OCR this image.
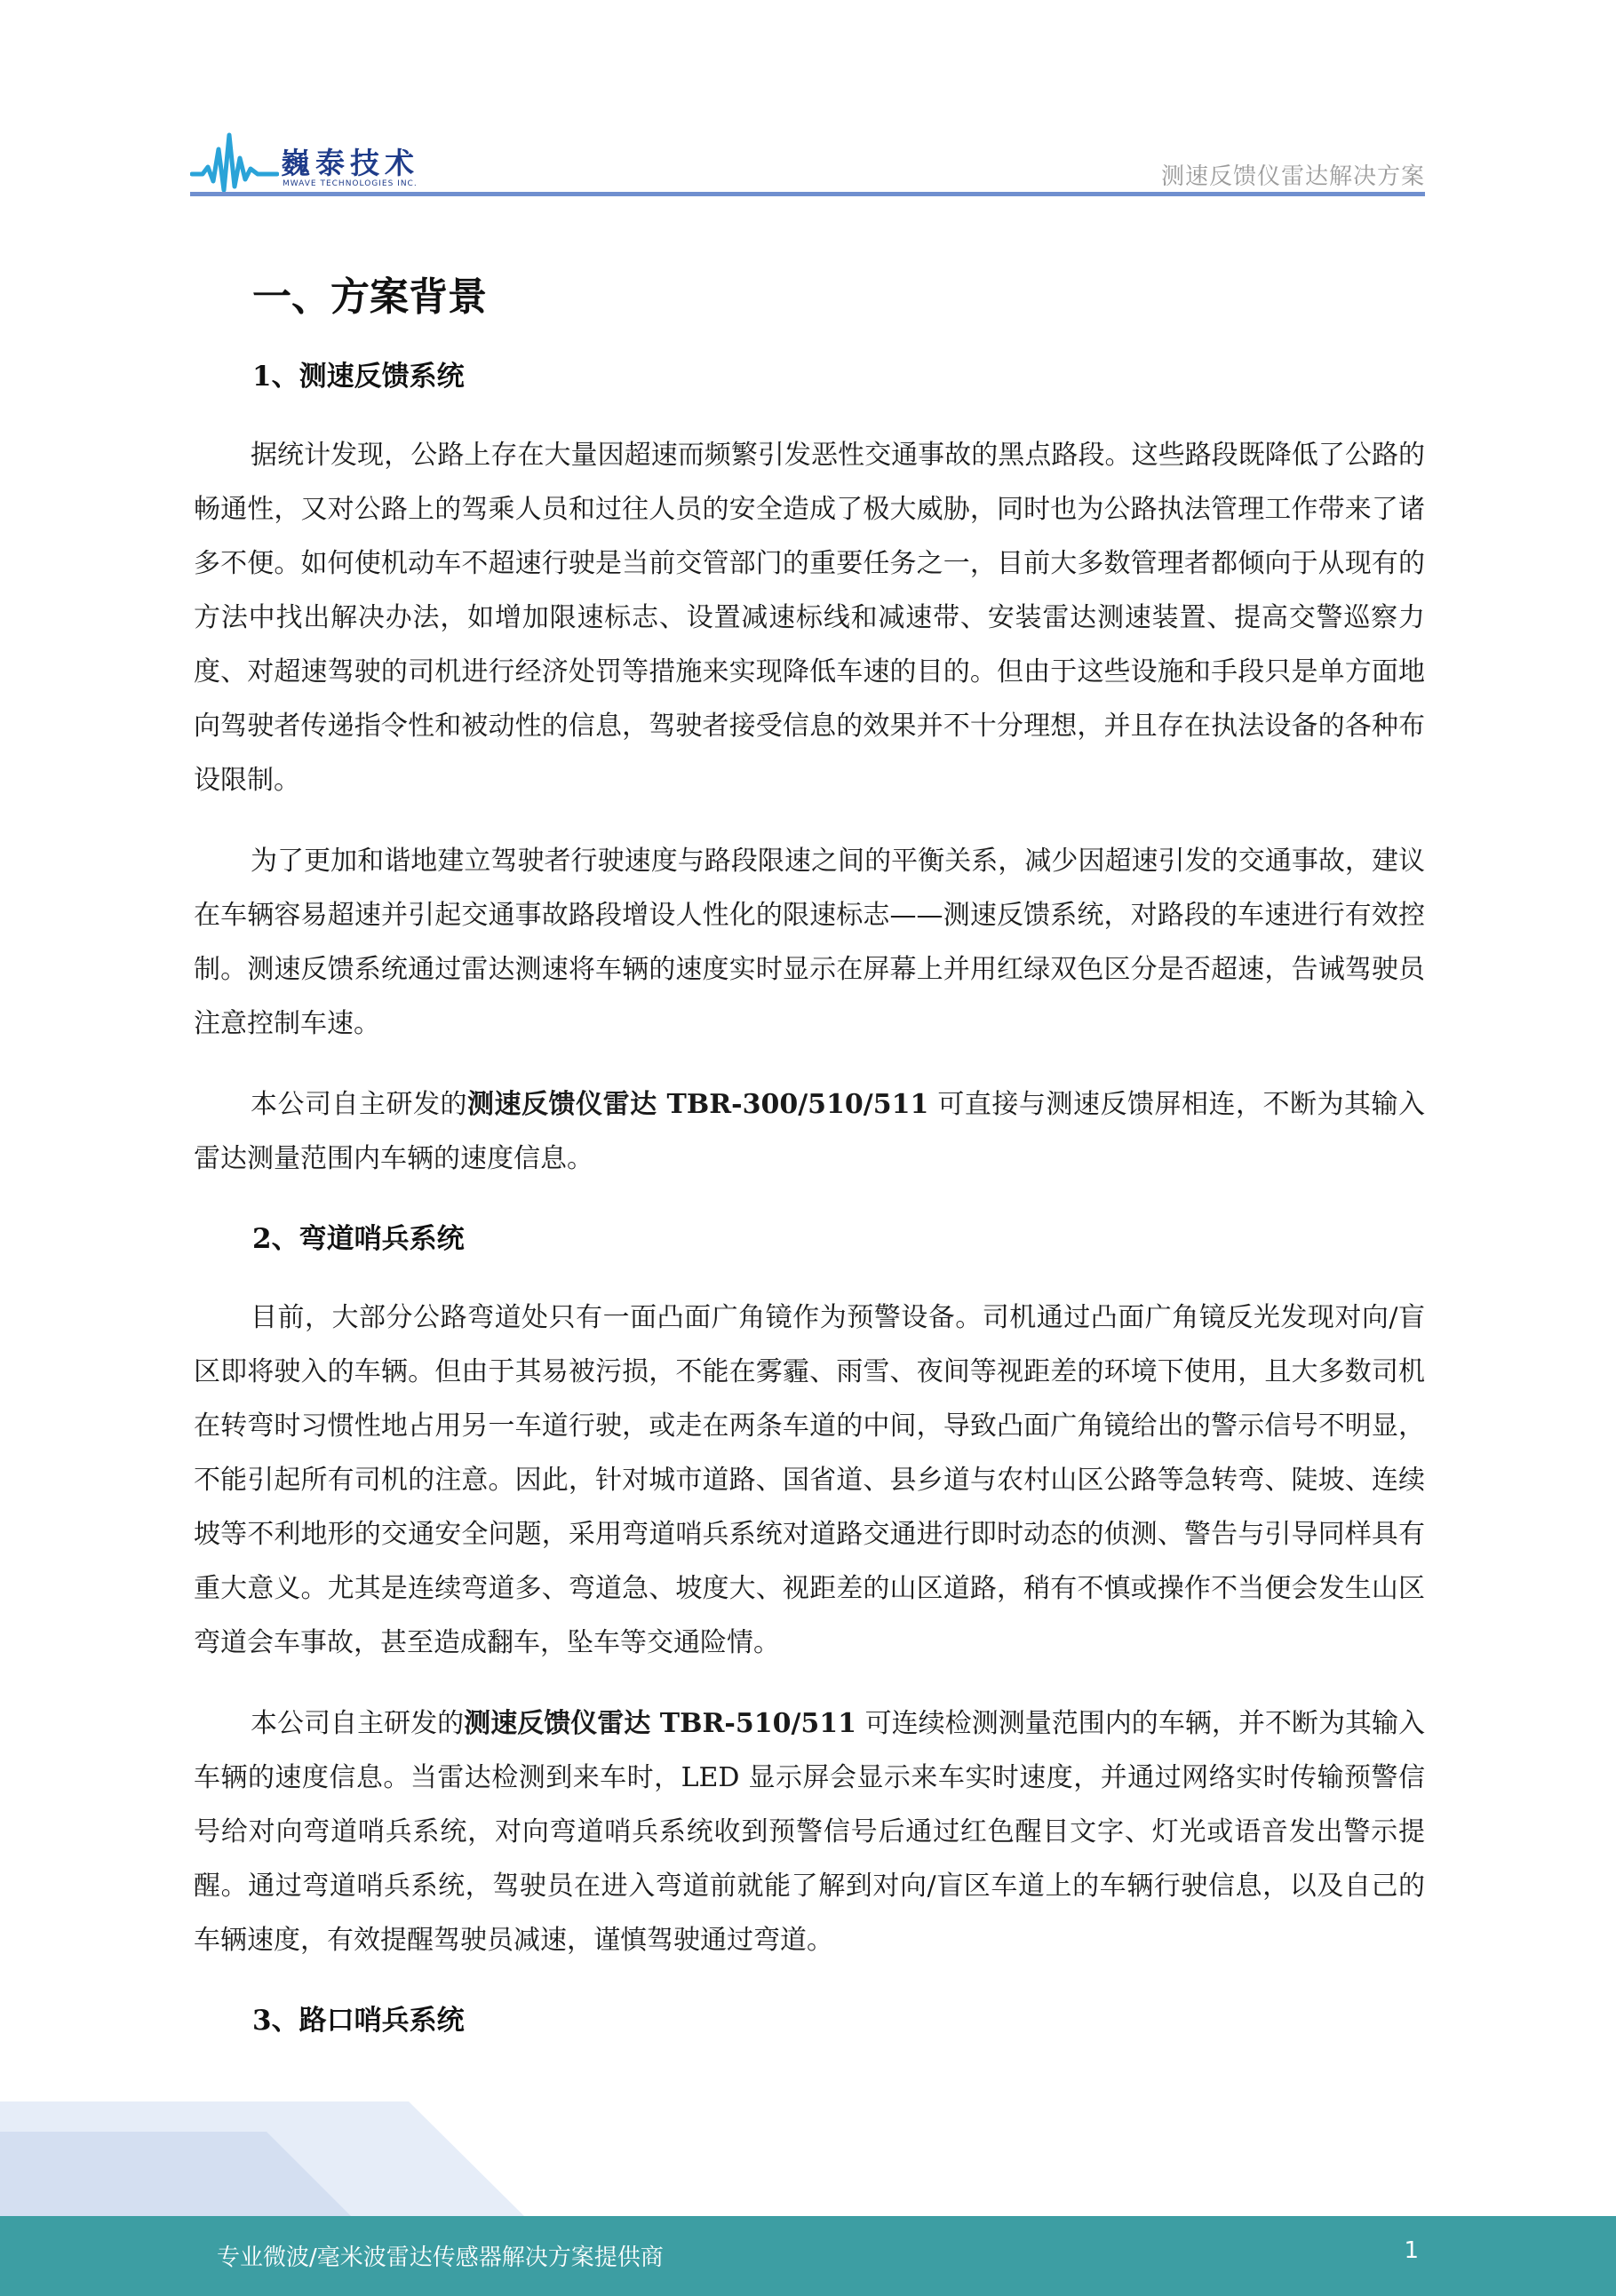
巍泰技术
MWAVE TECHNOLOGIES INC.	测速反馈仪雷达解决方案
一、方案背景
1、测速反馈系统

据统计发现，公路上存在大量因超速而频繁引发恶性交通事故的黑点路段。这些路段既降低了公路的畅通性，又对公路上的驾乘人员和过往人员的安全造成了极大威胁，同时也为公路执法管理工作带来了诸多不便。如何使机动车不超速行驶是当前交管部门的重要任务之一，目前大多数管理者都倾向于从现有的方法中找出解决办法，如增加限速标志、设置减速标线和减速带、安装雷达测速装置、提高交警巡察力度、对超速驾驶的司机进行经济处罚等措施来实现降低车速的目的。但由于这些设施和手段只是单方面地向驾驶者传递指令性和被动性的信息，驾驶者接受信息的效果并不十分理想，并且存在执法设备的各种布设限制。

为了更加和谐地建立驾驶者行驶速度与路段限速之间的平衡关系，减少因超速引发的交通事故，建议在车辆容易超速并引起交通事故路段增设人性化的限速标志——测速反馈系统，对路段的车速进行有效控制。测速反馈系统通过雷达测速将车辆的速度实时显示在屏幕上并用红绿双色区分是否超速，告诫驾驶员注意控制车速。

本公司自主研发的测速反馈仪雷达 TBR-300/510/511 可直接与测速反馈屏相连，不断为其输入雷达测量范围内车辆的速度信息。

2、弯道哨兵系统

目前，大部分公路弯道处只有一面凸面广角镜作为预警设备。司机通过凸面广角镜反光发现对向/盲区即将驶入的车辆。但由于其易被污损，不能在雾霾、雨雪、夜间等视距差的环境下使用，且大多数司机在转弯时习惯性地占用另一车道行驶，或走在两条车道的中间，导致凸面广角镜给出的警示信号不明显，不能引起所有司机的注意。因此，针对城市道路、国省道、县乡道与农村山区公路等急转弯、陡坡、连续坡等不利地形的交通安全问题，采用弯道哨兵系统对道路交通进行即时动态的侦测、警告与引导同样具有重大意义。尤其是连续弯道多、弯道急、坡度大、视距差的山区道路，稍有不慎或操作不当便会发生山区弯道会车事故，甚至造成翻车，坠车等交通险情。

本公司自主研发的测速反馈仪雷达 TBR-510/511 可连续检测测量范围内的车辆，并不断为其输入车辆的速度信息。当雷达检测到来车时，LED 显示屏会显示来车实时速度，并通过网络实时传输预警信号给对向弯道哨兵系统，对向弯道哨兵系统收到预警信号后通过红色醒目文字、灯光或语音发出警示提醒。通过弯道哨兵系统，驾驶员在进入弯道前就能了解到对向/盲区车道上的车辆行驶信息，以及自己的车辆速度，有效提醒驾驶员减速，谨慎驾驶通过弯道。

3、路口哨兵系统
专业微波/毫米波雷达传感器解决方案提供商	1
